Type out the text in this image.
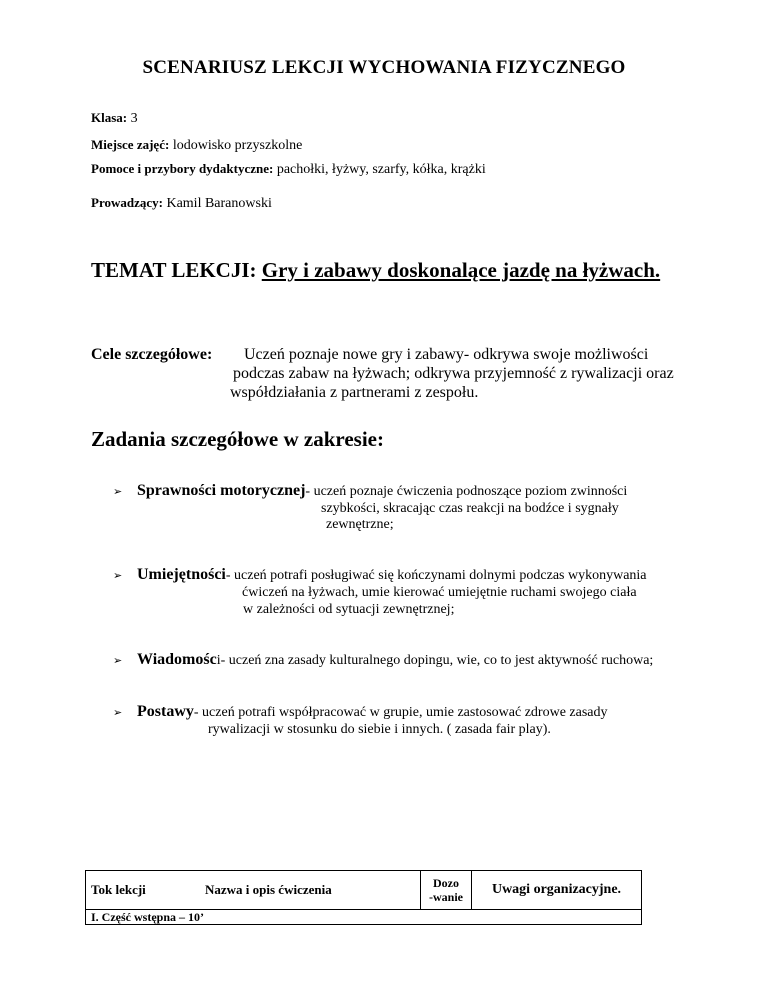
SCENARIUSZ LEKCJI WYCHOWANIA FIZYCZNEGO
Klasa: 3
Miejsce zajęć: lodowisko przyszkolne
Pomoce i przybory dydaktyczne: pachołki, łyżwy, szarfy, kółka, krążki
Prowadzący: Kamil Baranowski
TEMAT LEKCJI: Gry i zabawy doskonalące jazdę na łyżwach.
Cele szczegółowe: Uczeń poznaje nowe gry i zabawy- odkrywa swoje możliwości
podczas zabaw na łyżwach; odkrywa przyjemność z rywalizacji oraz
współdziałania z partnerami z zespołu.
Zadania szczegółowe w zakresie:
➢ Sprawności motorycznej- uczeń poznaje ćwiczenia podnoszące poziom zwinności
szybkości, skracając czas reakcji na bodźce i sygnały
zewnętrzne;
➢ Umiejętności- uczeń potrafi posługiwać się kończynami dolnymi podczas wykonywania
ćwiczeń na łyżwach, umie kierować umiejętnie ruchami swojego ciała
w zależności od sytuacji zewnętrznej;
➢ Wiadomości- uczeń zna zasady kulturalnego dopingu, wie, co to jest aktywność ruchowa;
➢ Postawy- uczeń potrafi współpracować w grupie, umie zastosować zdrowe zasady
rywalizacji w stosunku do siebie i innych. ( zasada fair play).
Tok lekcji	Nazwa i opis ćwiczenia	Dozo
-wanie	Uwagi organizacyjne.
I. Część wstępna – 10’
